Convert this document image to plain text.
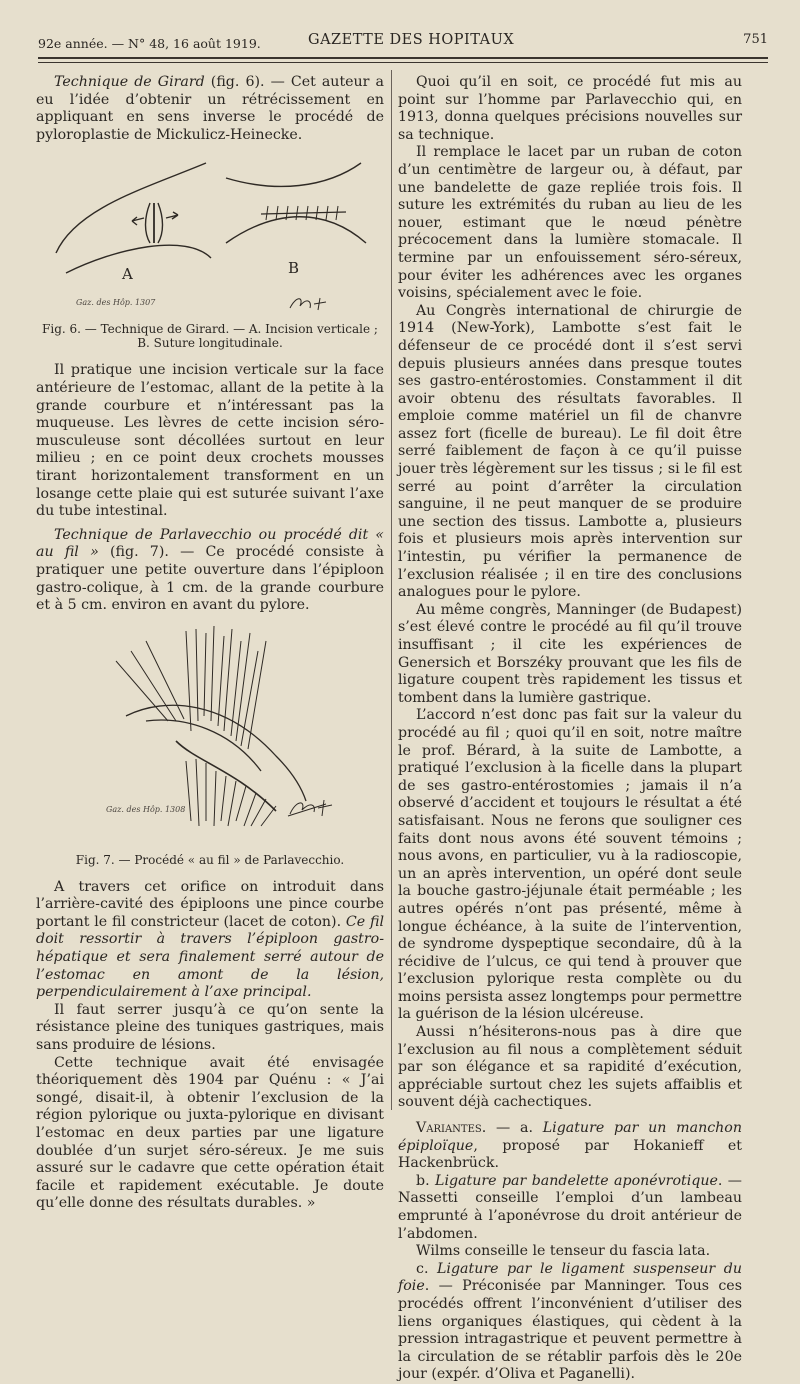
92e année. — N° 48, 16 août 1919.	GAZETTE DES HOPITAUX	751

Technique de Girard (fig. 6). — Cet auteur a eu l’idée d’obtenir un rétrécissement en appliquant en sens inverse le procédé de pyloroplastie de Mickulicz-Heinecke.

A	B
Gaz. des Hôp. 1307

Fig. 6. — Technique de Girard. — A. Incision verticale ; B. Suture longitudinale.

Il pratique une incision verticale sur la face antérieure de l’estomac, allant de la petite à la grande courbure et n’intéressant pas la muqueuse. Les lèvres de cette incision séro-musculeuse sont décollées surtout en leur milieu ; en ce point deux crochets mousses tirant horizontalement transforment en un losange cette plaie qui est suturée suivant l’axe du tube intestinal.

Technique de Parlavecchio ou procédé dit « au fil » (fig. 7). — Ce procédé consiste à pratiquer une petite ouverture dans l’épiploon gastro-colique, à 1 cm. de la grande courbure et à 5 cm. environ en avant du pylore.

Gaz. des Hôp. 1308

Fig. 7. — Procédé « au fil » de Parlavecchio.

A travers cet orifice on introduit dans l’arrière-cavité des épiploons une pince courbe portant le fil constricteur (lacet de coton). Ce fil doit ressortir à travers l’épiploon gastro-hépatique et sera finalement serré autour de l’estomac en amont de la lésion, perpendiculairement à l’axe principal.

Il faut serrer jusqu’à ce qu’on sente la résistance pleine des tuniques gastriques, mais sans produire de lésions.

Cette technique avait été envisagée théoriquement dès 1904 par Quénu : « J’ai songé, disait-il, à obtenir l’exclusion de la région pylorique ou juxta-pylorique en divisant l’estomac en deux parties par une ligature doublée d’un surjet séro-séreux. Je me suis assuré sur le cadavre que cette opération était facile et rapidement exécutable. Je doute qu’elle donne des résultats durables. »

Quoi qu’il en soit, ce procédé fut mis au point sur l’homme par Parlavecchio qui, en 1913, donna quelques précisions nouvelles sur sa technique.

Il remplace le lacet par un ruban de coton d’un centimètre de largeur ou, à défaut, par une bandelette de gaze repliée trois fois. Il suture les extrémités du ruban au lieu de les nouer, estimant que le nœud pénètre précocement dans la lumière stomacale. Il termine par un enfouissement séro-séreux, pour éviter les adhérences avec les organes voisins, spécialement avec le foie.

Au Congrès international de chirurgie de 1914 (New-York), Lambotte s’est fait le défenseur de ce procédé dont il s’est servi depuis plusieurs années dans presque toutes ses gastro-entérostomies. Constamment il dit avoir obtenu des résultats favorables. Il emploie comme matériel un fil de chanvre assez fort (ficelle de bureau). Le fil doit être serré faiblement de façon à ce qu’il puisse jouer très légèrement sur les tissus ; si le fil est serré au point d’arrêter la circulation sanguine, il ne peut manquer de se produire une section des tissus. Lambotte a, plusieurs fois et plusieurs mois après intervention sur l’intestin, pu vérifier la permanence de l’exclusion réalisée ; il en tire des conclusions analogues pour le pylore.

Au même congrès, Manninger (de Budapest) s’est élevé contre le procédé au fil qu’il trouve insuffisant ; il cite les expériences de Genersich et Borszéky prouvant que les fils de ligature coupent très rapidement les tissus et tombent dans la lumière gastrique.

L’accord n’est donc pas fait sur la valeur du procédé au fil ; quoi qu’il en soit, notre maître le prof. Bérard, à la suite de Lambotte, a pratiqué l’exclusion à la ficelle dans la plupart de ses gastro-entérostomies ; jamais il n’a observé d’accident et toujours le résultat a été satisfaisant. Nous ne ferons que souligner ces faits dont nous avons été souvent témoins ; nous avons, en particulier, vu à la radioscopie, un an après intervention, un opéré dont seule la bouche gastro-jéjunale était perméable ; les autres opérés n’ont pas présenté, même à longue échéance, à la suite de l’intervention, de syndrome dyspeptique secondaire, dû à la récidive de l’ulcus, ce qui tend à prouver que l’exclusion pylorique resta complète ou du moins persista assez longtemps pour permettre la guérison de la lésion ulcéreuse.

Aussi n’hésiterons-nous pas à dire que l’exclusion au fil nous a complètement séduit par son élégance et sa rapidité d’exécution, appréciable surtout chez les sujets affaiblis et souvent déjà cachectiques.

Variantes. — a. Ligature par un manchon épiploïque, proposé par Hokanieff et Hackenbrück.

b. Ligature par bandelette aponévrotique. — Nassetti conseille l’emploi d’un lambeau emprunté à l’aponévrose du droit antérieur de l’abdomen.

Wilms conseille le tenseur du fascia lata.

c. Ligature par le ligament suspenseur du foie. — Préconisée par Manninger. Tous ces procédés offrent l’inconvénient d’utiliser des liens organiques élastiques, qui cèdent à la pression intragastrique et peuvent permettre à la circulation de se rétablir parfois dès le 20e jour (expér. d’Oliva et Paganelli).
